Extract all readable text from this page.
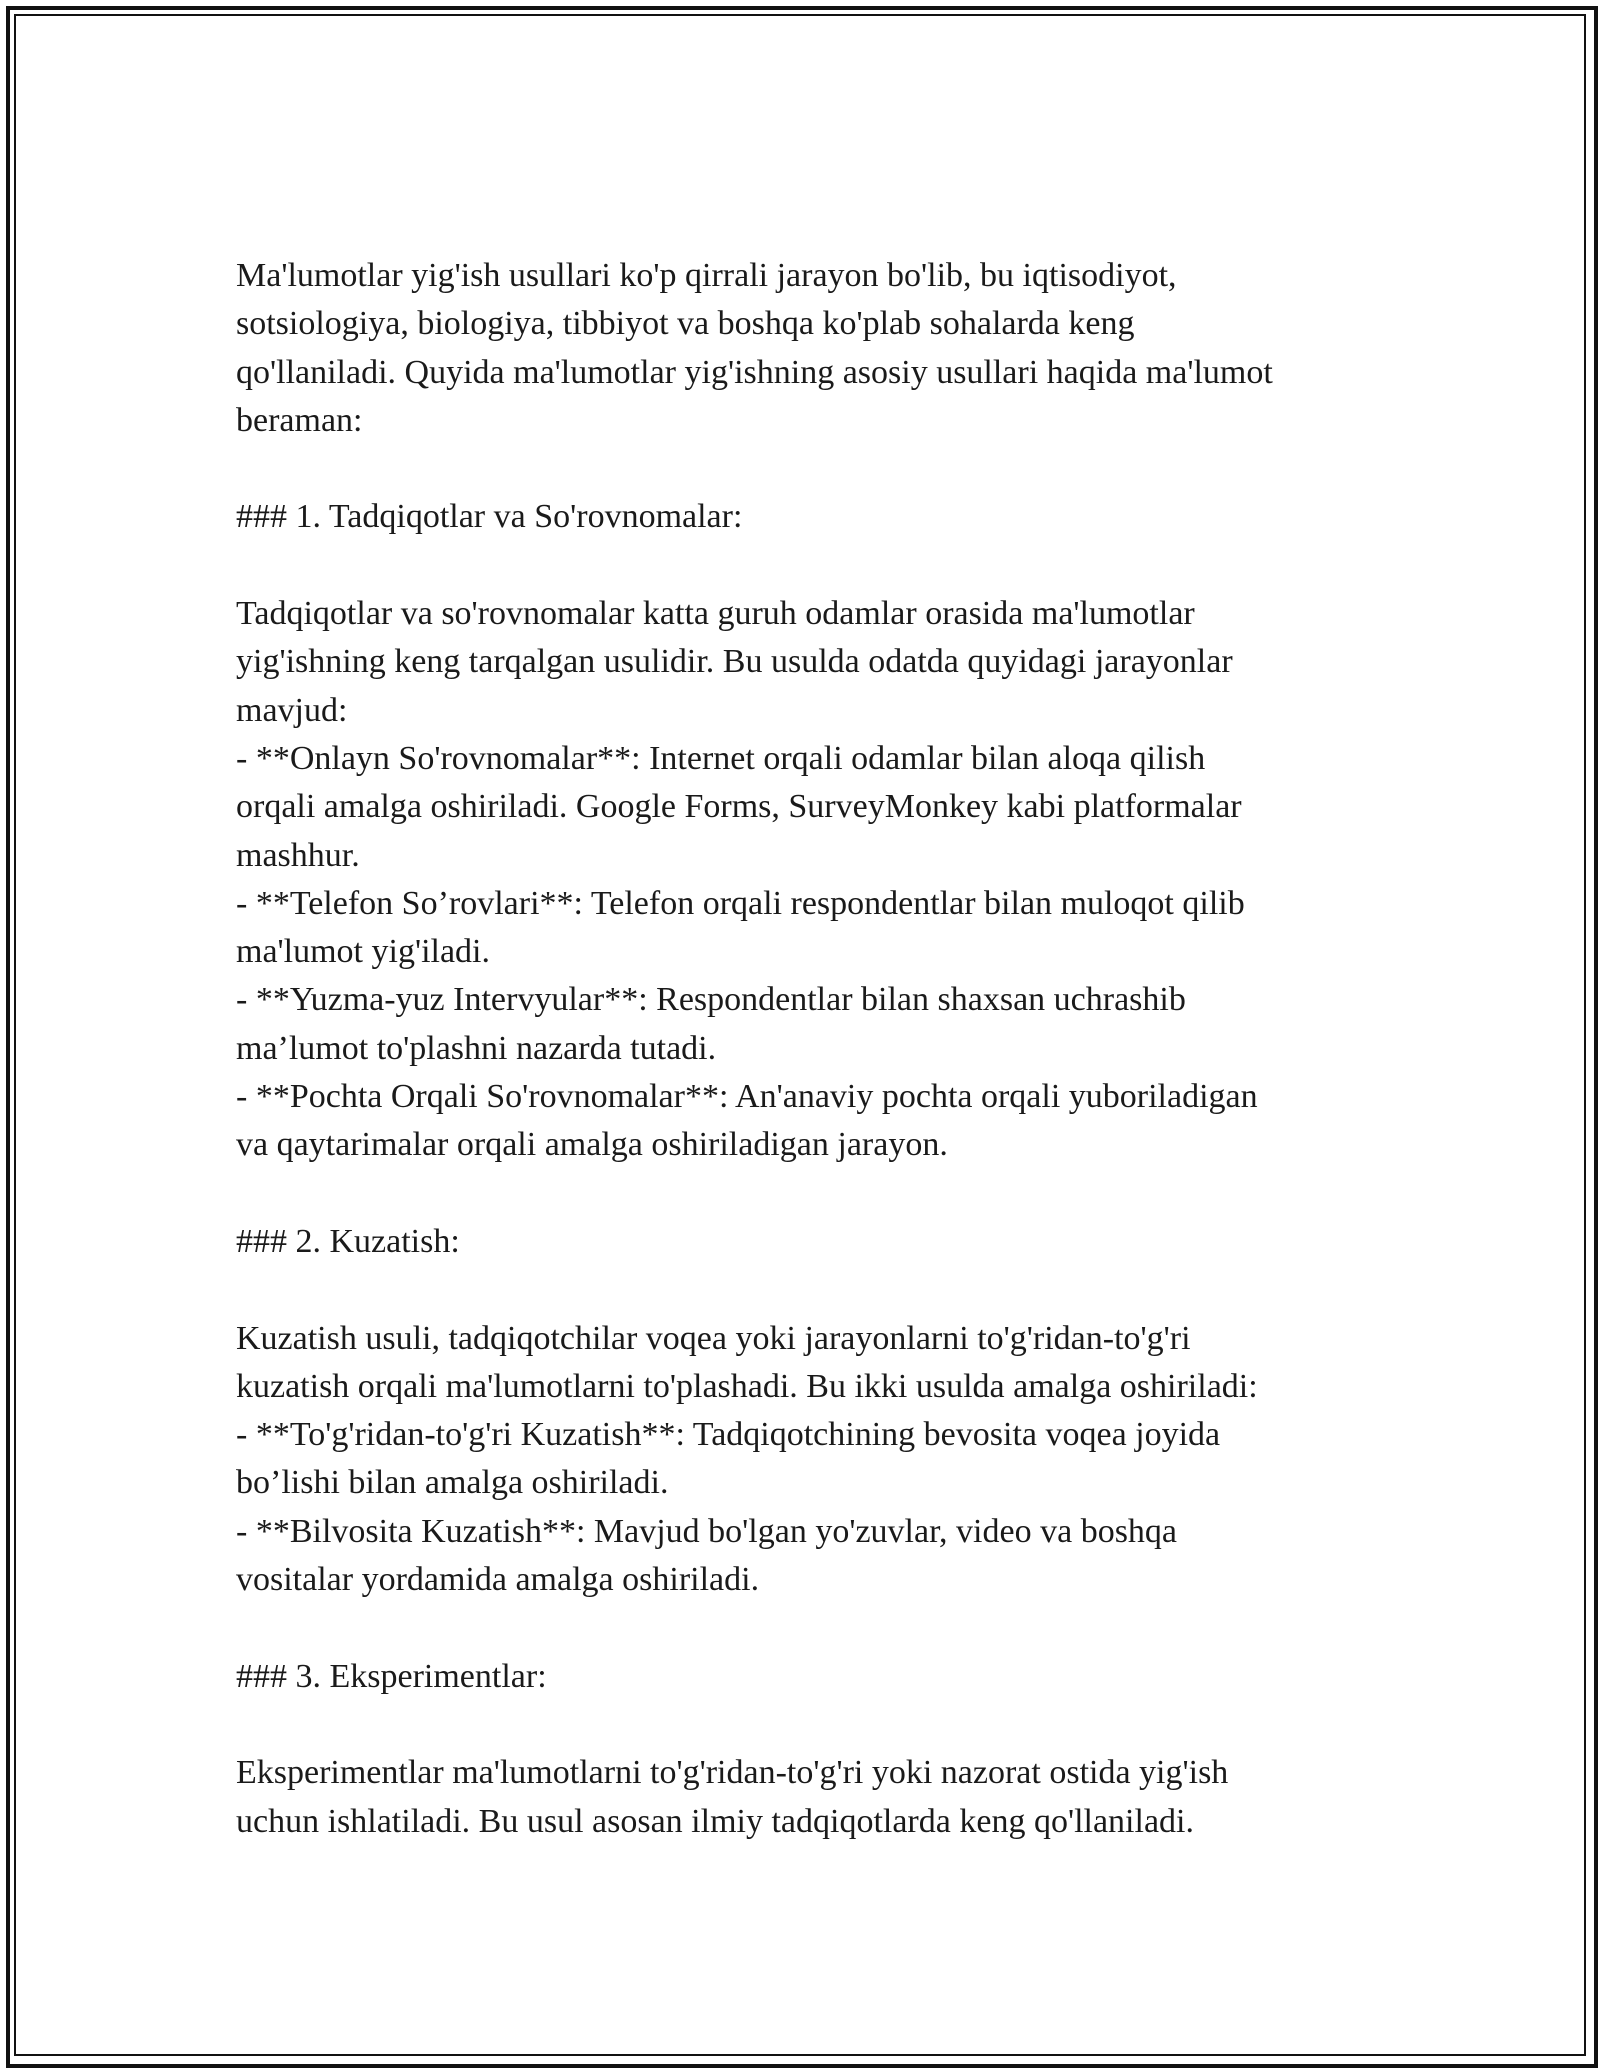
Ma'lumotlar yig'ish usullari ko'p qirrali jarayon bo'lib, bu iqtisodiyot,
sotsiologiya, biologiya, tibbiyot va boshqa ko'plab sohalarda keng
qo'llaniladi. Quyida ma'lumotlar yig'ishning asosiy usullari haqida ma'lumot
beraman:
### 1. Tadqiqotlar va So'rovnomalar:
Tadqiqotlar va so'rovnomalar katta guruh odamlar orasida ma'lumotlar
yig'ishning keng tarqalgan usulidir. Bu usulda odatda quyidagi jarayonlar
mavjud:
- **Onlayn So'rovnomalar**: Internet orqali odamlar bilan aloqa qilish
orqali amalga oshiriladi. Google Forms, SurveyMonkey kabi platformalar
mashhur.
- **Telefon So’rovlari**: Telefon orqali respondentlar bilan muloqot qilib
ma'lumot yig'iladi.
- **Yuzma-yuz Intervyular**: Respondentlar bilan shaxsan uchrashib
ma’lumot to'plashni nazarda tutadi.
- **Pochta Orqali So'rovnomalar**: An'anaviy pochta orqali yuboriladigan
va qaytarimalar orqali amalga oshiriladigan jarayon.
### 2. Kuzatish:
Kuzatish usuli, tadqiqotchilar voqea yoki jarayonlarni to'g'ridan-to'g'ri
kuzatish orqali ma'lumotlarni to'plashadi. Bu ikki usulda amalga oshiriladi:
- **To'g'ridan-to'g'ri Kuzatish**: Tadqiqotchining bevosita voqea joyida
bo’lishi bilan amalga oshiriladi.
- **Bilvosita Kuzatish**: Mavjud bo'lgan yo'zuvlar, video va boshqa
vositalar yordamida amalga oshiriladi.
### 3. Eksperimentlar:
Eksperimentlar ma'lumotlarni to'g'ridan-to'g'ri yoki nazorat ostida yig'ish
uchun ishlatiladi. Bu usul asosan ilmiy tadqiqotlarda keng qo'llaniladi.
